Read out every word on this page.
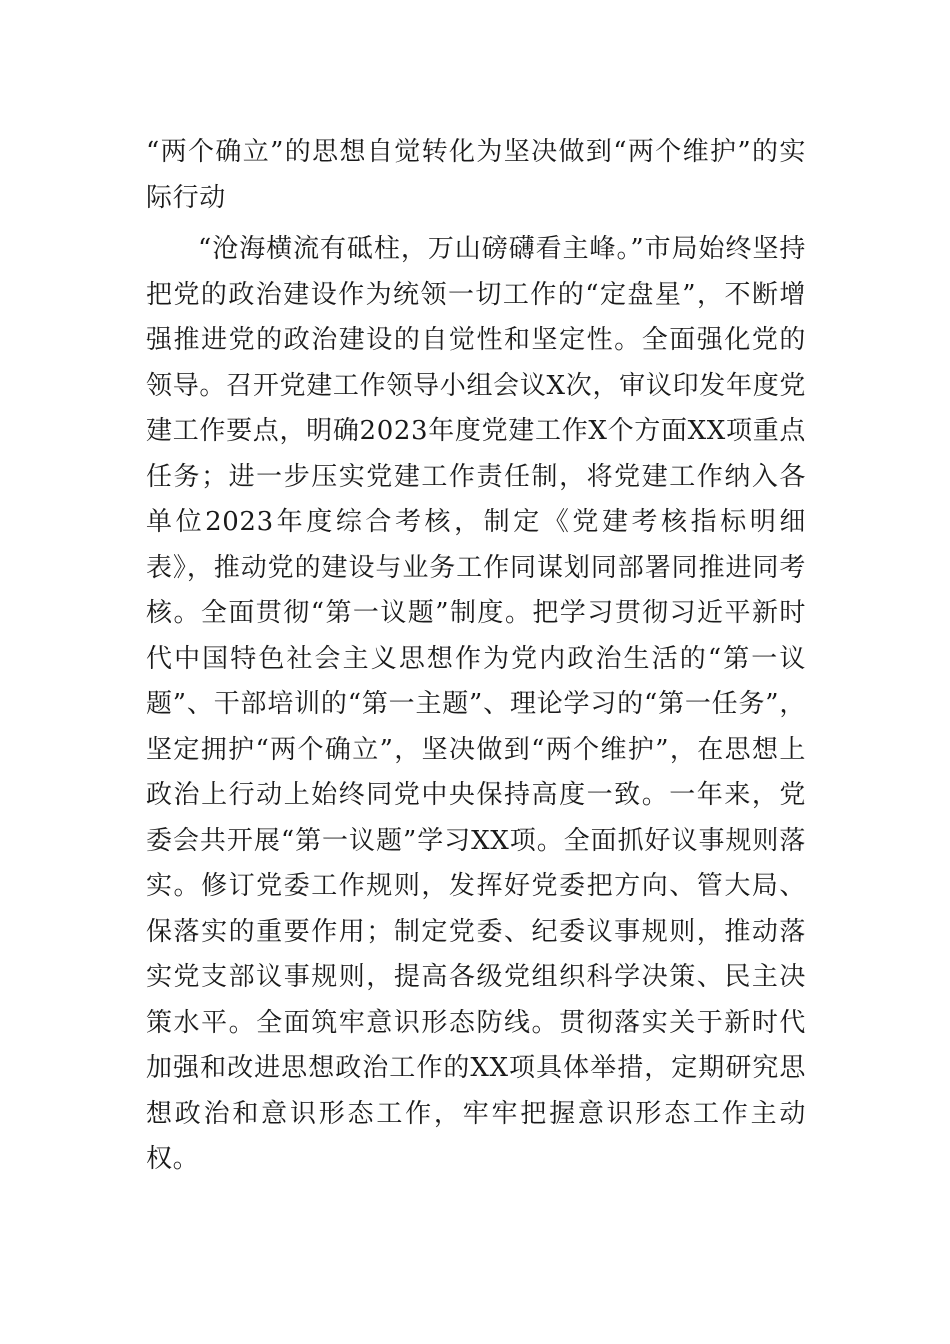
“两个确立”的思想自觉转化为坚决做到“两个维护”的实际行动
“沧海横流有砥柱，万山磅礴看主峰。”市局始终坚持把党的政治建设作为统领一切工作的“定盘星”，不断增强推进党的政治建设的自觉性和坚定性。全面强化党的领导。召开党建工作领导小组会议X次，审议印发年度党建工作要点，明确2023年度党建工作X个方面XX项重点任务；进一步压实党建工作责任制，将党建工作纳入各单位2023年度综合考核，制定《党建考核指标明细表》，推动党的建设与业务工作同谋划同部署同推进同考核。全面贯彻“第一议题”制度。把学习贯彻习近平新时代中国特色社会主义思想作为党内政治生活的“第一议题”、干部培训的“第一主题”、理论学习的“第一任务”，坚定拥护“两个确立”，坚决做到“两个维护”，在思想上政治上行动上始终同党中央保持高度一致。一年来，党委会共开展“第一议题”学习XX项。全面抓好议事规则落实。修订党委工作规则，发挥好党委把方向、管大局、保落实的重要作用；制定党委、纪委议事规则，推动落实党支部议事规则，提高各级党组织科学决策、民主决策水平。全面筑牢意识形态防线。贯彻落实关于新时代加强和改进思想政治工作的XX项具体举措，定期研究思想政治和意识形态工作，牢牢把握意识形态工作主动权。
